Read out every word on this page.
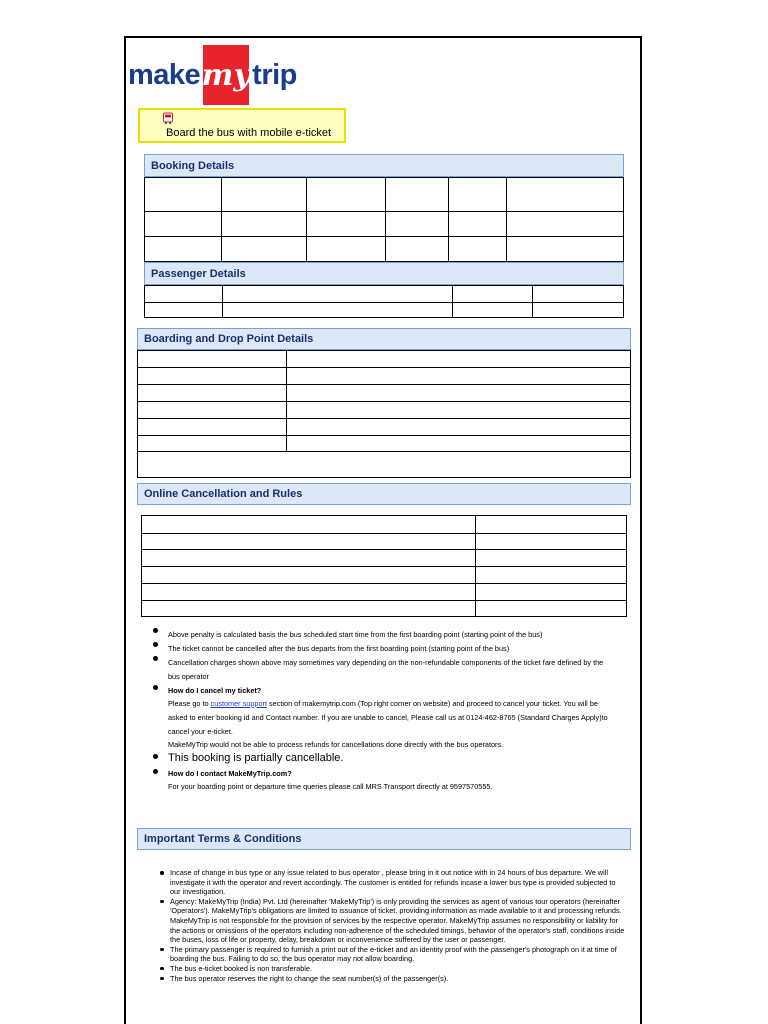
make my trip
Board the bus with mobile e-ticket
Booking Details
Passenger Details
Boarding and Drop Point Details
Online Cancellation and Rules
Above penalty is calculated basis the bus scheduled start time from the first boarding point (starting point of the bus)
The ticket cannot be cancelled after the bus departs from the first boarding point (starting point of the bus)
Cancellation charges shown above may sometimes vary depending on the non-refundable components of the ticket fare defined by the
bus operator
How do I cancel my ticket?
Please go to customer support section of makemytrip.com (Top right corner on website) and proceed to cancel your ticket. You will be
asked to enter booking id and Contact number. If you are unable to cancel, Please call us at 0124-462-8765 (Standard Charges Apply)to
cancel your e-ticket.
MakeMyTrip would not be able to process refunds for cancellations done directly with the bus operators.
This booking is partially cancellable.
How do I contact MakeMyTrip.com?
For your boarding point or departure time queries please call MRS Transport directly at 9597570555.
Important Terms & Conditions
Incase of change in bus type or any issue related to bus operator , please bring in it out notice with in 24 hours of bus departure. We will investigate it with the operator and revert accordingly. The customer is entitled for refunds incase a lower bus type is provided subjected to our investigation.
Agency: MakeMyTrip (India) Pvt. Ltd (hereinafter 'MakeMyTrip') is only providing the services as agent of various tour operators (hereinafter 'Operators'). MakeMyTrip's obligations are limited to issuance of ticket, providing information as made available to it and processing refunds. MakeMyTrip is not responsible for the provision of services by the respective operator. MakeMyTrip assumes no responsibility or liability for the actions or omissions of the operators including non-adherence of the scheduled timings, behavior of the operator's staff, conditions inside the buses, loss of life or property, delay, breakdown or inconvenience suffered by the user or passenger.
The primary passenger is required to furnish a print out of the e-ticket and an identity proof with the passenger's photograph on it at time of boarding the bus. Failing to do so, the bus operator may not allow boarding.
The bus e-ticket booked is non transferable.
The bus operator reserves the right to change the seat number(s) of the passenger(s).
